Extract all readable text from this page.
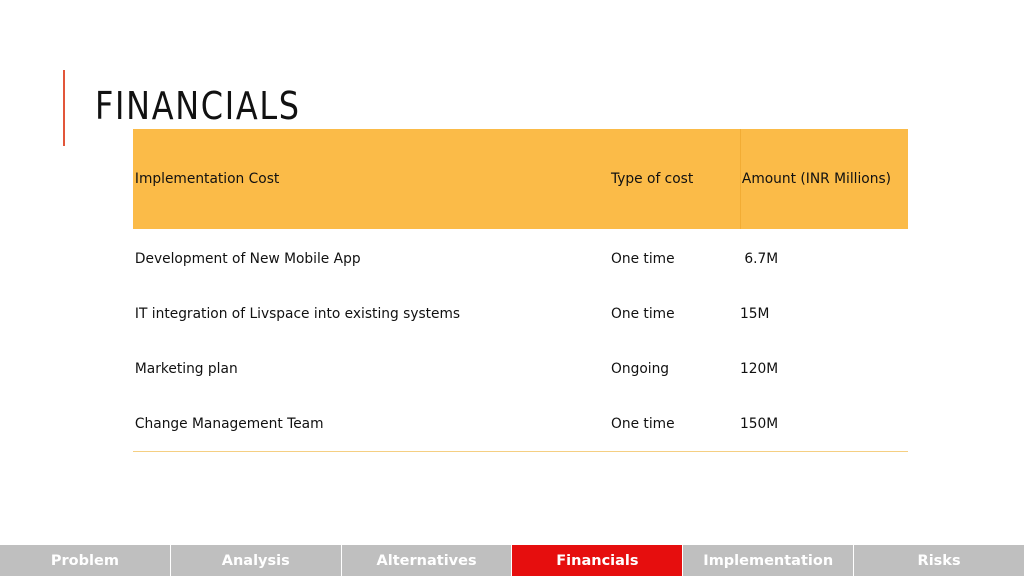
FINANCIALS
Implementation Cost	Type of cost	Amount (INR Millions)
Development of New Mobile App	One time	6.7M
IT integration of Livspace into existing systems	One time	15M
Marketing plan	Ongoing	120M
Change Management Team	One time	150M
Problem	Analysis	Alternatives	Financials	Implementation	Risks
